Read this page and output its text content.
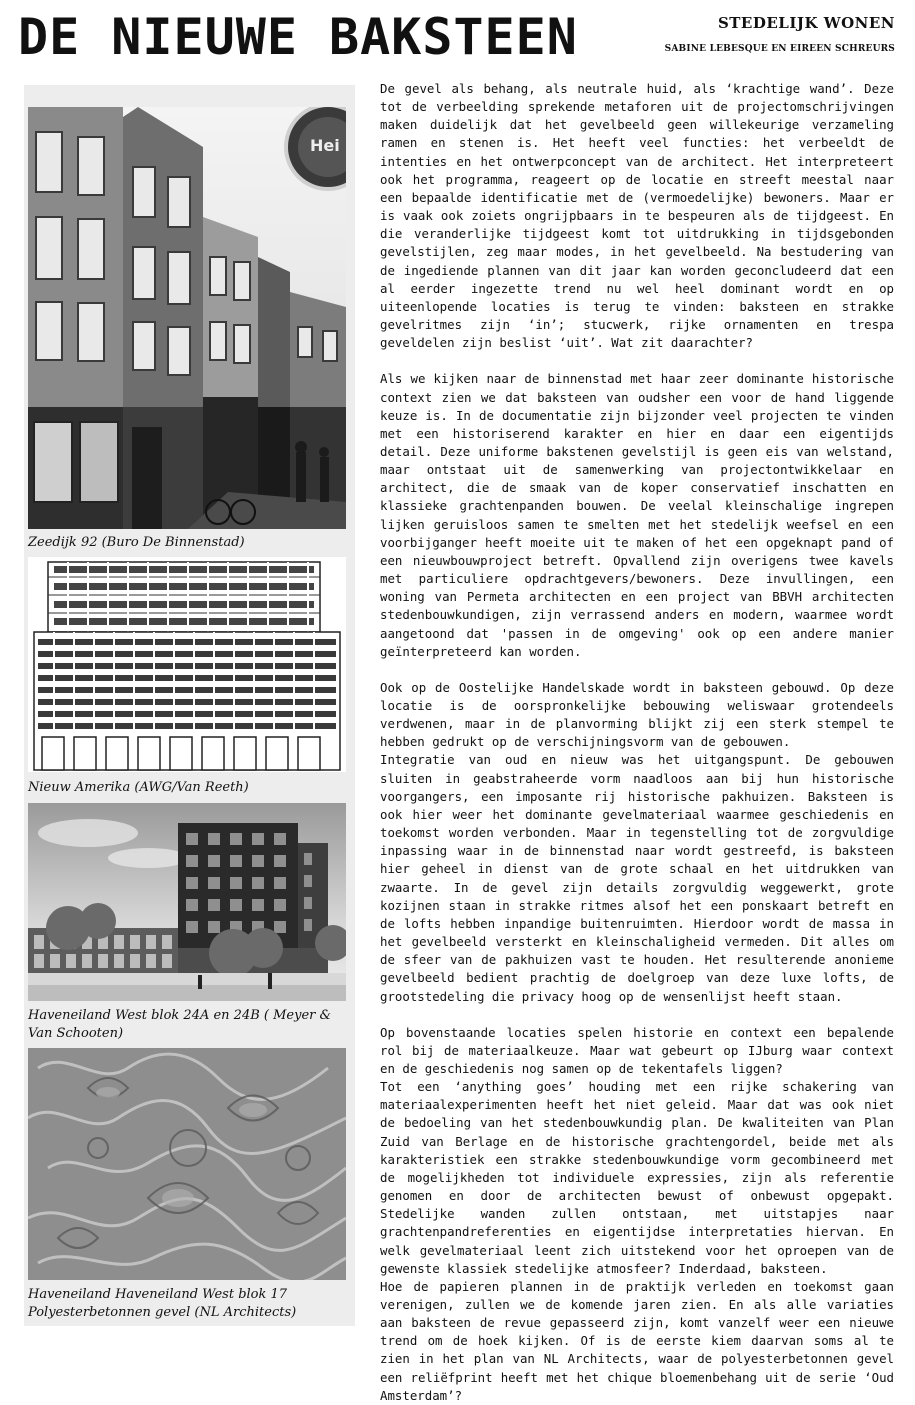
DE NIEUWE BAKSTEEN	STEDELIJK WONEN
SABINE LEBESQUE EN EIREEN SCHREURS
Hei
Zeedijk 92 (Buro De Binnenstad)
Nieuw Amerika (AWG/Van Reeth)
Haveneiland West blok 24A en 24B ( Meyer & Van Schooten)
Haveneiland Haveneiland West blok 17 Polyesterbetonnen gevel (NL Architects)

De gevel als behang, als neutrale huid, als ‘krachtige wand’. Deze tot de verbeelding sprekende metaforen uit de projectomschrijvingen maken duidelijk dat het gevelbeeld geen willekeurige verzameling ramen en stenen is. Het heeft veel functies: het verbeeldt de intenties en het ontwerpconcept van de architect. Het interpreteert ook het programma, reageert op de locatie en streeft meestal naar een bepaalde identificatie met de (vermoedelijke) bewoners. Maar er is vaak ook zoiets ongrijpbaars in te bespeuren als de tijdgeest. En die veranderlijke tijdgeest komt tot uitdrukking in tijdsgebonden gevelstijlen, zeg maar modes, in het gevelbeeld. Na bestudering van de ingediende plannen van dit jaar kan worden geconcludeerd dat een al eerder ingezette trend nu wel heel dominant wordt en op uiteenlopende locaties is terug te vinden: baksteen en strakke gevelritmes zijn ‘in’; stucwerk, rijke ornamenten en trespa geveldelen zijn beslist ‘uit’. Wat zit daarachter?

Als we kijken naar de binnenstad met haar zeer dominante historische context zien we dat baksteen van oudsher een voor de hand liggende keuze is. In de documentatie zijn bijzonder veel projecten te vinden met een historiserend karakter en hier en daar een eigentijds detail. Deze uniforme bakstenen gevelstijl is geen eis van welstand, maar ontstaat uit de samenwerking van projectontwikkelaar en architect, die de smaak van de koper conservatief inschatten en klassieke grachtenpanden bouwen. De veelal kleinschalige ingrepen lijken geruisloos samen te smelten met het stedelijk weefsel en een voorbijganger heeft moeite uit te maken of het een opgeknapt pand of een nieuwbouwproject betreft. Opvallend zijn overigens twee kavels met particuliere opdrachtgevers/bewoners. Deze invullingen, een woning van Permeta architecten en een project van BBVH architecten stedenbouwkundigen, zijn verrassend anders en modern, waarmee wordt aangetoond dat 'passen in de omgeving' ook op een andere manier geïnterpreteerd kan worden.

Ook op de Oostelijke Handelskade wordt in baksteen gebouwd. Op deze locatie is de oorspronkelijke bebouwing weliswaar grotendeels verdwenen, maar in de planvorming blijkt zij een sterk stempel te hebben gedrukt op de verschijningsvorm van de gebouwen.

Integratie van oud en nieuw was het uitgangspunt. De gebouwen sluiten in geabstraheerde vorm naadloos aan bij hun historische voorgangers, een imposante rij historische pakhuizen. Baksteen is ook hier weer het dominante gevelmateriaal waarmee geschiedenis en toekomst worden verbonden. Maar in tegenstelling tot de zorgvuldige inpassing waar in de binnenstad naar wordt gestreefd, is baksteen hier geheel in dienst van de grote schaal en het uitdrukken van zwaarte. In de gevel zijn details zorgvuldig weggewerkt, grote kozijnen staan in strakke ritmes alsof het een ponskaart betreft en de lofts hebben inpandige buitenruimten. Hierdoor wordt de massa in het gevelbeeld versterkt en kleinschaligheid vermeden. Dit alles om de sfeer van de pakhuizen vast te houden. Het resulterende anonieme gevelbeeld bedient prachtig de doelgroep van deze luxe lofts, de grootstedeling die privacy hoog op de wensenlijst heeft staan.

Op bovenstaande locaties spelen historie en context een bepalende rol bij de materiaalkeuze. Maar wat gebeurt op IJburg waar context en de geschiedenis nog samen op de tekentafels liggen?

Tot een ‘anything goes’ houding met een rijke schakering van materiaalexperimenten heeft het niet geleid. Maar dat was ook niet de bedoeling van het stedenbouwkundig plan. De kwaliteiten van Plan Zuid van Berlage en de historische grachtengordel, beide met als karakteristiek een strakke stedenbouwkundige vorm gecombineerd met de mogelijkheden tot individuele expressies, zijn als referentie genomen en door de architecten bewust of onbewust opgepakt. Stedelijke wanden zullen ontstaan, met uitstapjes naar grachtenpandreferenties en eigentijdse interpretaties hiervan. En welk gevelmateriaal leent zich uitstekend voor het oproepen van de gewenste klassiek stedelijke atmosfeer? Inderdaad, baksteen.

Hoe de papieren plannen in de praktijk verleden en toekomst gaan verenigen, zullen we de komende jaren zien. En als alle variaties aan baksteen de revue gepasseerd zijn, komt vanzelf weer een nieuwe trend om de hoek kijken. Of is de eerste kiem daarvan soms al te zien in het plan van NL Architects, waar de polyesterbetonnen gevel een reliëfprint heeft met het chique bloemenbehang uit de serie ‘Oud Amsterdam’?
